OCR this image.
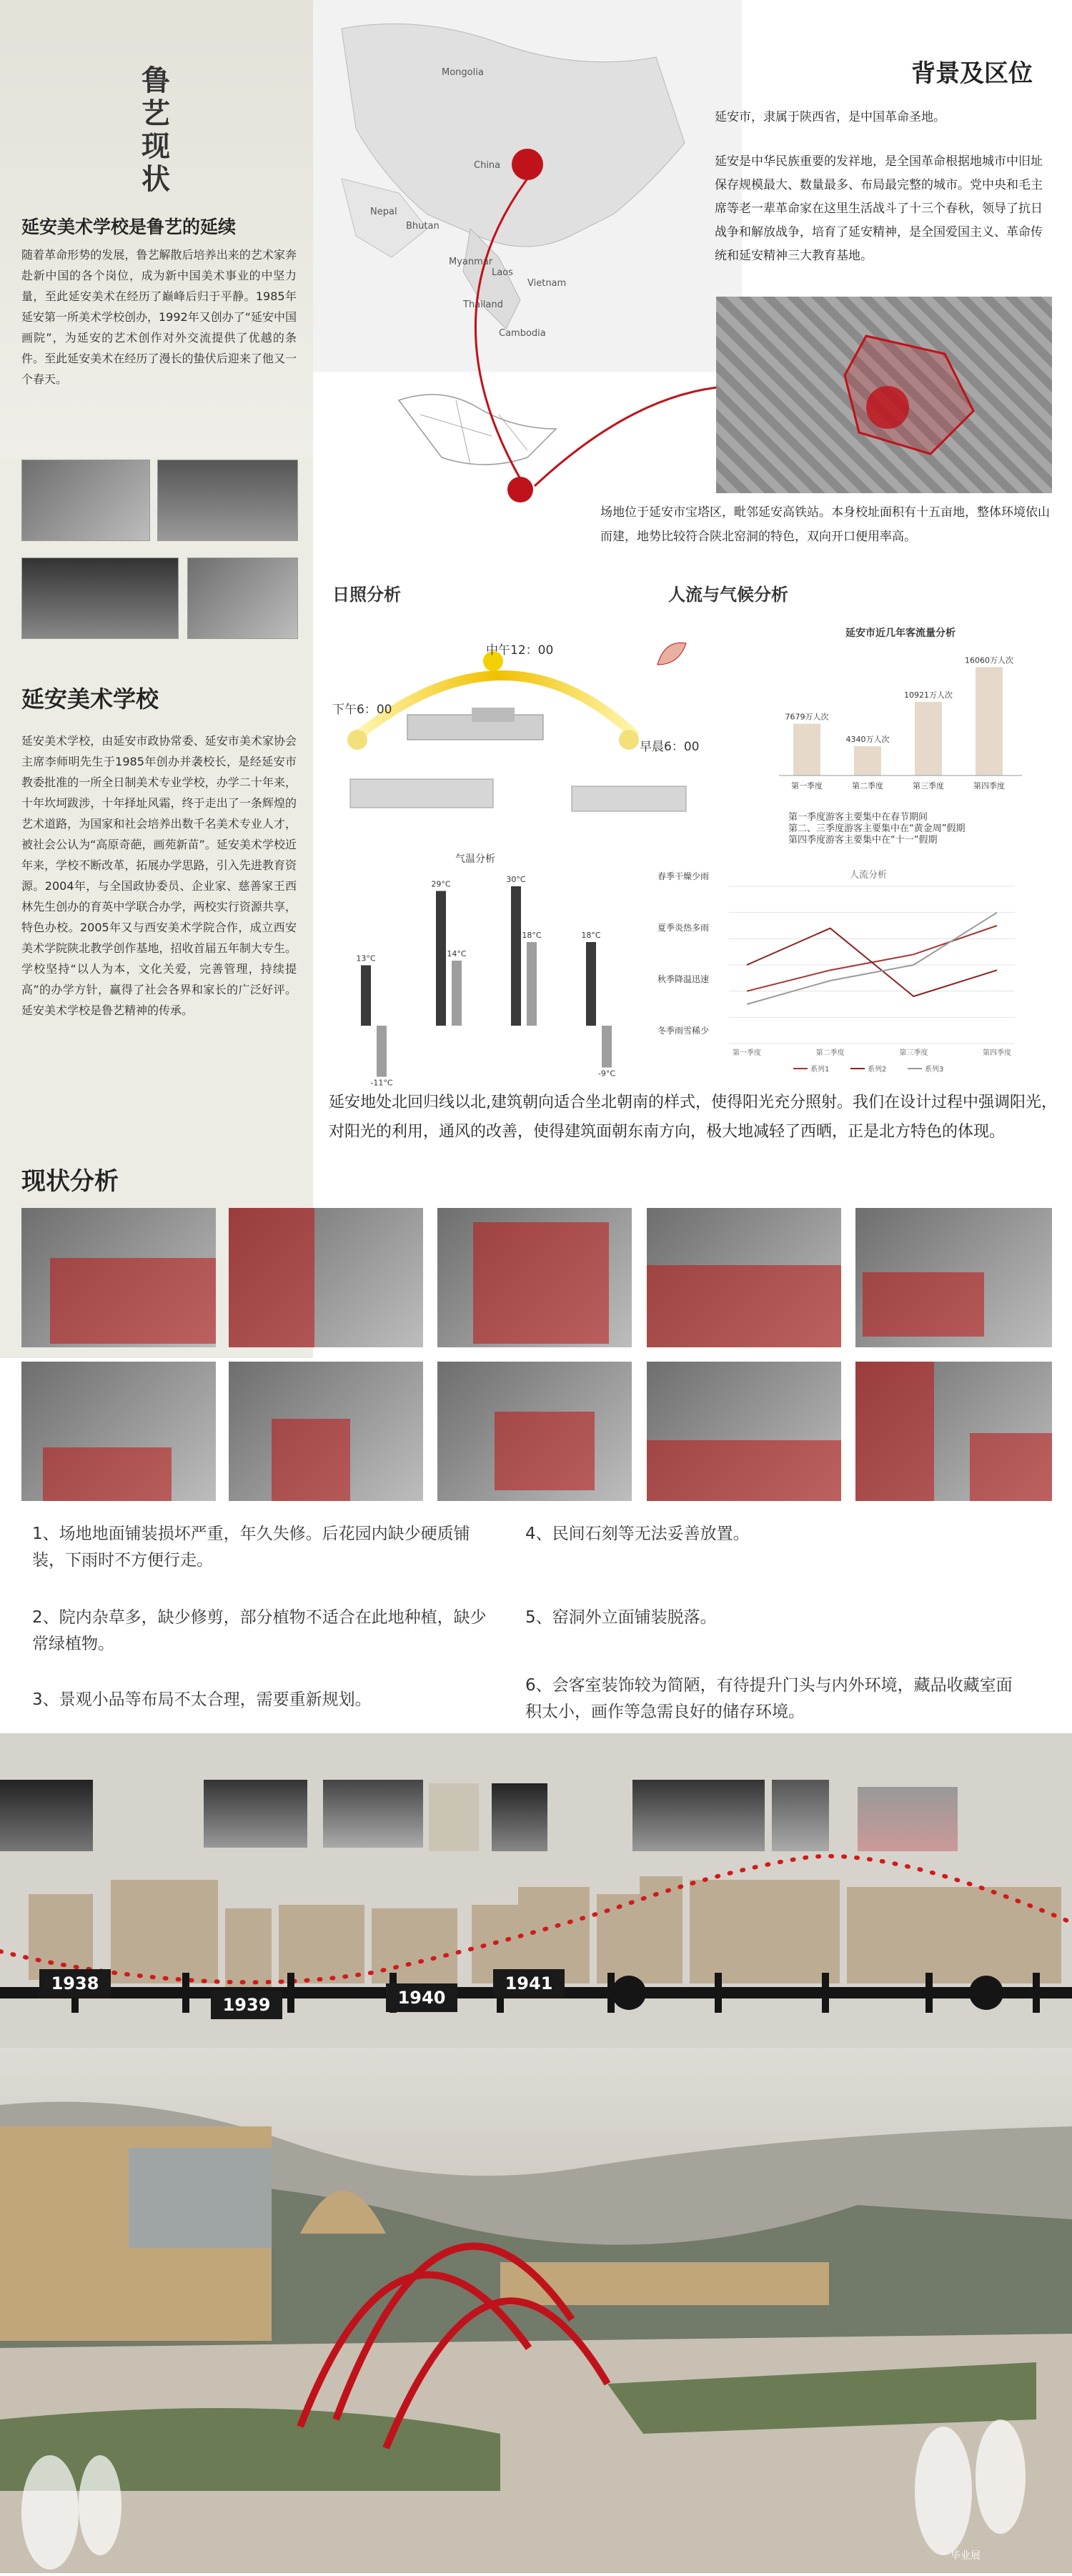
鲁艺现状
延安美术学校是鲁艺的延续
随着革命形势的发展，鲁艺解散后培养出来的艺术家奔赴新中国的各个岗位，成为新中国美术事业的中坚力量，至此延安美术在经历了巅峰后归于平静。1985年延安第一所美术学校创办，1992年又创办了“延安中国画院”，为延安的艺术创作对外交流提供了优越的条件。至此延安美术在经历了漫长的蛰伏后迎来了他又一个春天。
延安美术学校
延安美术学校，由延安市政协常委、延安市美术家协会主席李师明先生于1985年创办并袭校长，是经延安市教委批准的一所全日制美术专业学校，办学二十年来，十年坎坷跋涉，十年择址风霜，终于走出了一条辉煌的艺术道路，为国家和社会培养出数千名美术专业人才，被社会公认为“高原奇葩，画苑新苗”。延安美术学校近年来，学校不断改革，拓展办学思路，引入先进教育资源。2004年，与全国政协委员、企业家、慈善家王西林先生创办的育英中学联合办学，两校实行资源共享，特色办校。2005年又与西安美术学院合作，成立西安美术学院陕北教学创作基地，招收首届五年制大专生。学校坚持“以人为本，文化关爱，完善管理，持续提高”的办学方针，赢得了社会各界和家长的广泛好评。延安美术学校是鲁艺精神的传承。
Mongolia
China
Thailand
Cambodia
Vietnam
Laos
Myanmar
Nepal
Bhutan
背景及区位
延安市，隶属于陕西省，是中国革命圣地。
延安是中华民族重要的发祥地，是全国革命根据地城市中旧址保存规模最大、数量最多、布局最完整的城市。党中央和毛主席等老一辈革命家在这里生活战斗了十三个春秋，领导了抗日战争和解放战争，培育了延安精神，是全国爱国主义、革命传统和延安精神三大教育基地。
场地位于延安市宝塔区，毗邻延安高铁站。本身校址面积有十五亩地，整体环境依山而建，地势比较符合陕北窑洞的特色，双向开口便用率高。
日照分析
中午12：00
下午6：00
早晨6：00
人流与气候分析
延安市近几年客流量分析
7679万人次
第一季度
4340万人次
第二季度
10921万人次
第三季度
16060万人次
第四季度
第一季度游客主要集中在春节期间
第二、三季度游客主要集中在“黄金周”假期
第四季度游客主要集中在“十一”假期
气温分析
13°C
-11°C
29°C
14°C
30°C
18°C	18°C
-9°C
春季干燥少雨
夏季炎热多雨
秋季降温迅速
冬季雨雪稀少
人流分析
第一季度	第二季度	第三季度	第四季度
系列1	系列2	系列3
延安地处北回归线以北,建筑朝向适合坐北朝南的样式，使得阳光充分照射。我们在设计过程中强调阳光，对阳光的利用，通风的改善，使得建筑面朝东南方向，极大地减轻了西晒，正是北方特色的体现。
现状分析
1、场地地面铺装损坏严重，年久失修。后花园内缺少硬质铺装，下雨时不方便行走。
2、院内杂草多，缺少修剪，部分植物不适合在此地种植，缺少常绿植物。
3、景观小品等布局不太合理，需要重新规划。
4、民间石刻等无法妥善放置。
5、窑洞外立面铺装脱落。
6、会客室装饰较为简陋，有待提升门头与内外环境，藏品收藏室面积太小，画作等急需良好的储存环境。
1938
1939	1940
1941
毕业展
